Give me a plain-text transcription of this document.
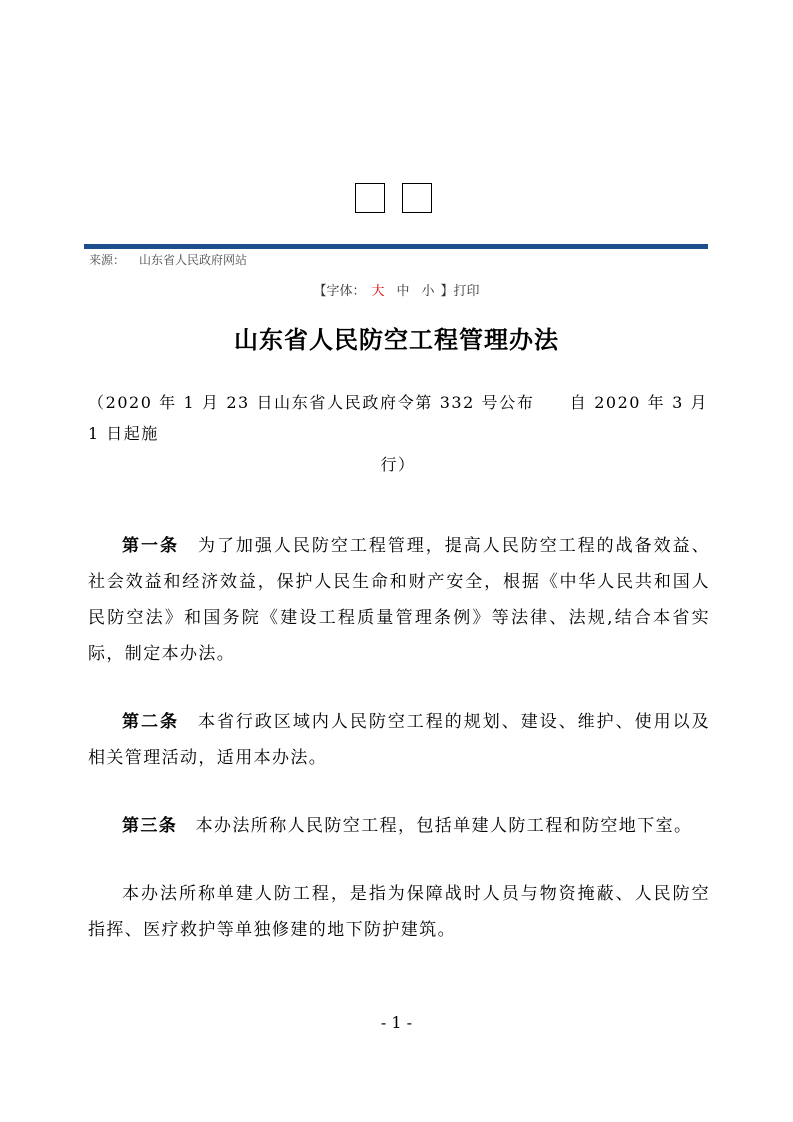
来源： 山东省人民政府网站
【字体： 大 中 小 】打印
山东省人民防空工程管理办法
（2020 年 1 月 23 日山东省人民政府令第 332 号公布　　自 2020 年 3 月 1 日起施
行）

第一条　为了加强人民防空工程管理，提高人民防空工程的战备效益、社会效益和经济效益，保护人民生命和财产安全，根据《中华人民共和国人民防空法》和国务院《建设工程质量管理条例》等法律、法规,结合本省实际，制定本办法。

第二条　本省行政区域内人民防空工程的规划、建设、维护、使用以及相关管理活动，适用本办法。

第三条　本办法所称人民防空工程，包括单建人防工程和防空地下室。

本办法所称单建人防工程，是指为保障战时人员与物资掩蔽、人民防空指挥、医疗救护等单独修建的地下防护建筑。

- 1 -
